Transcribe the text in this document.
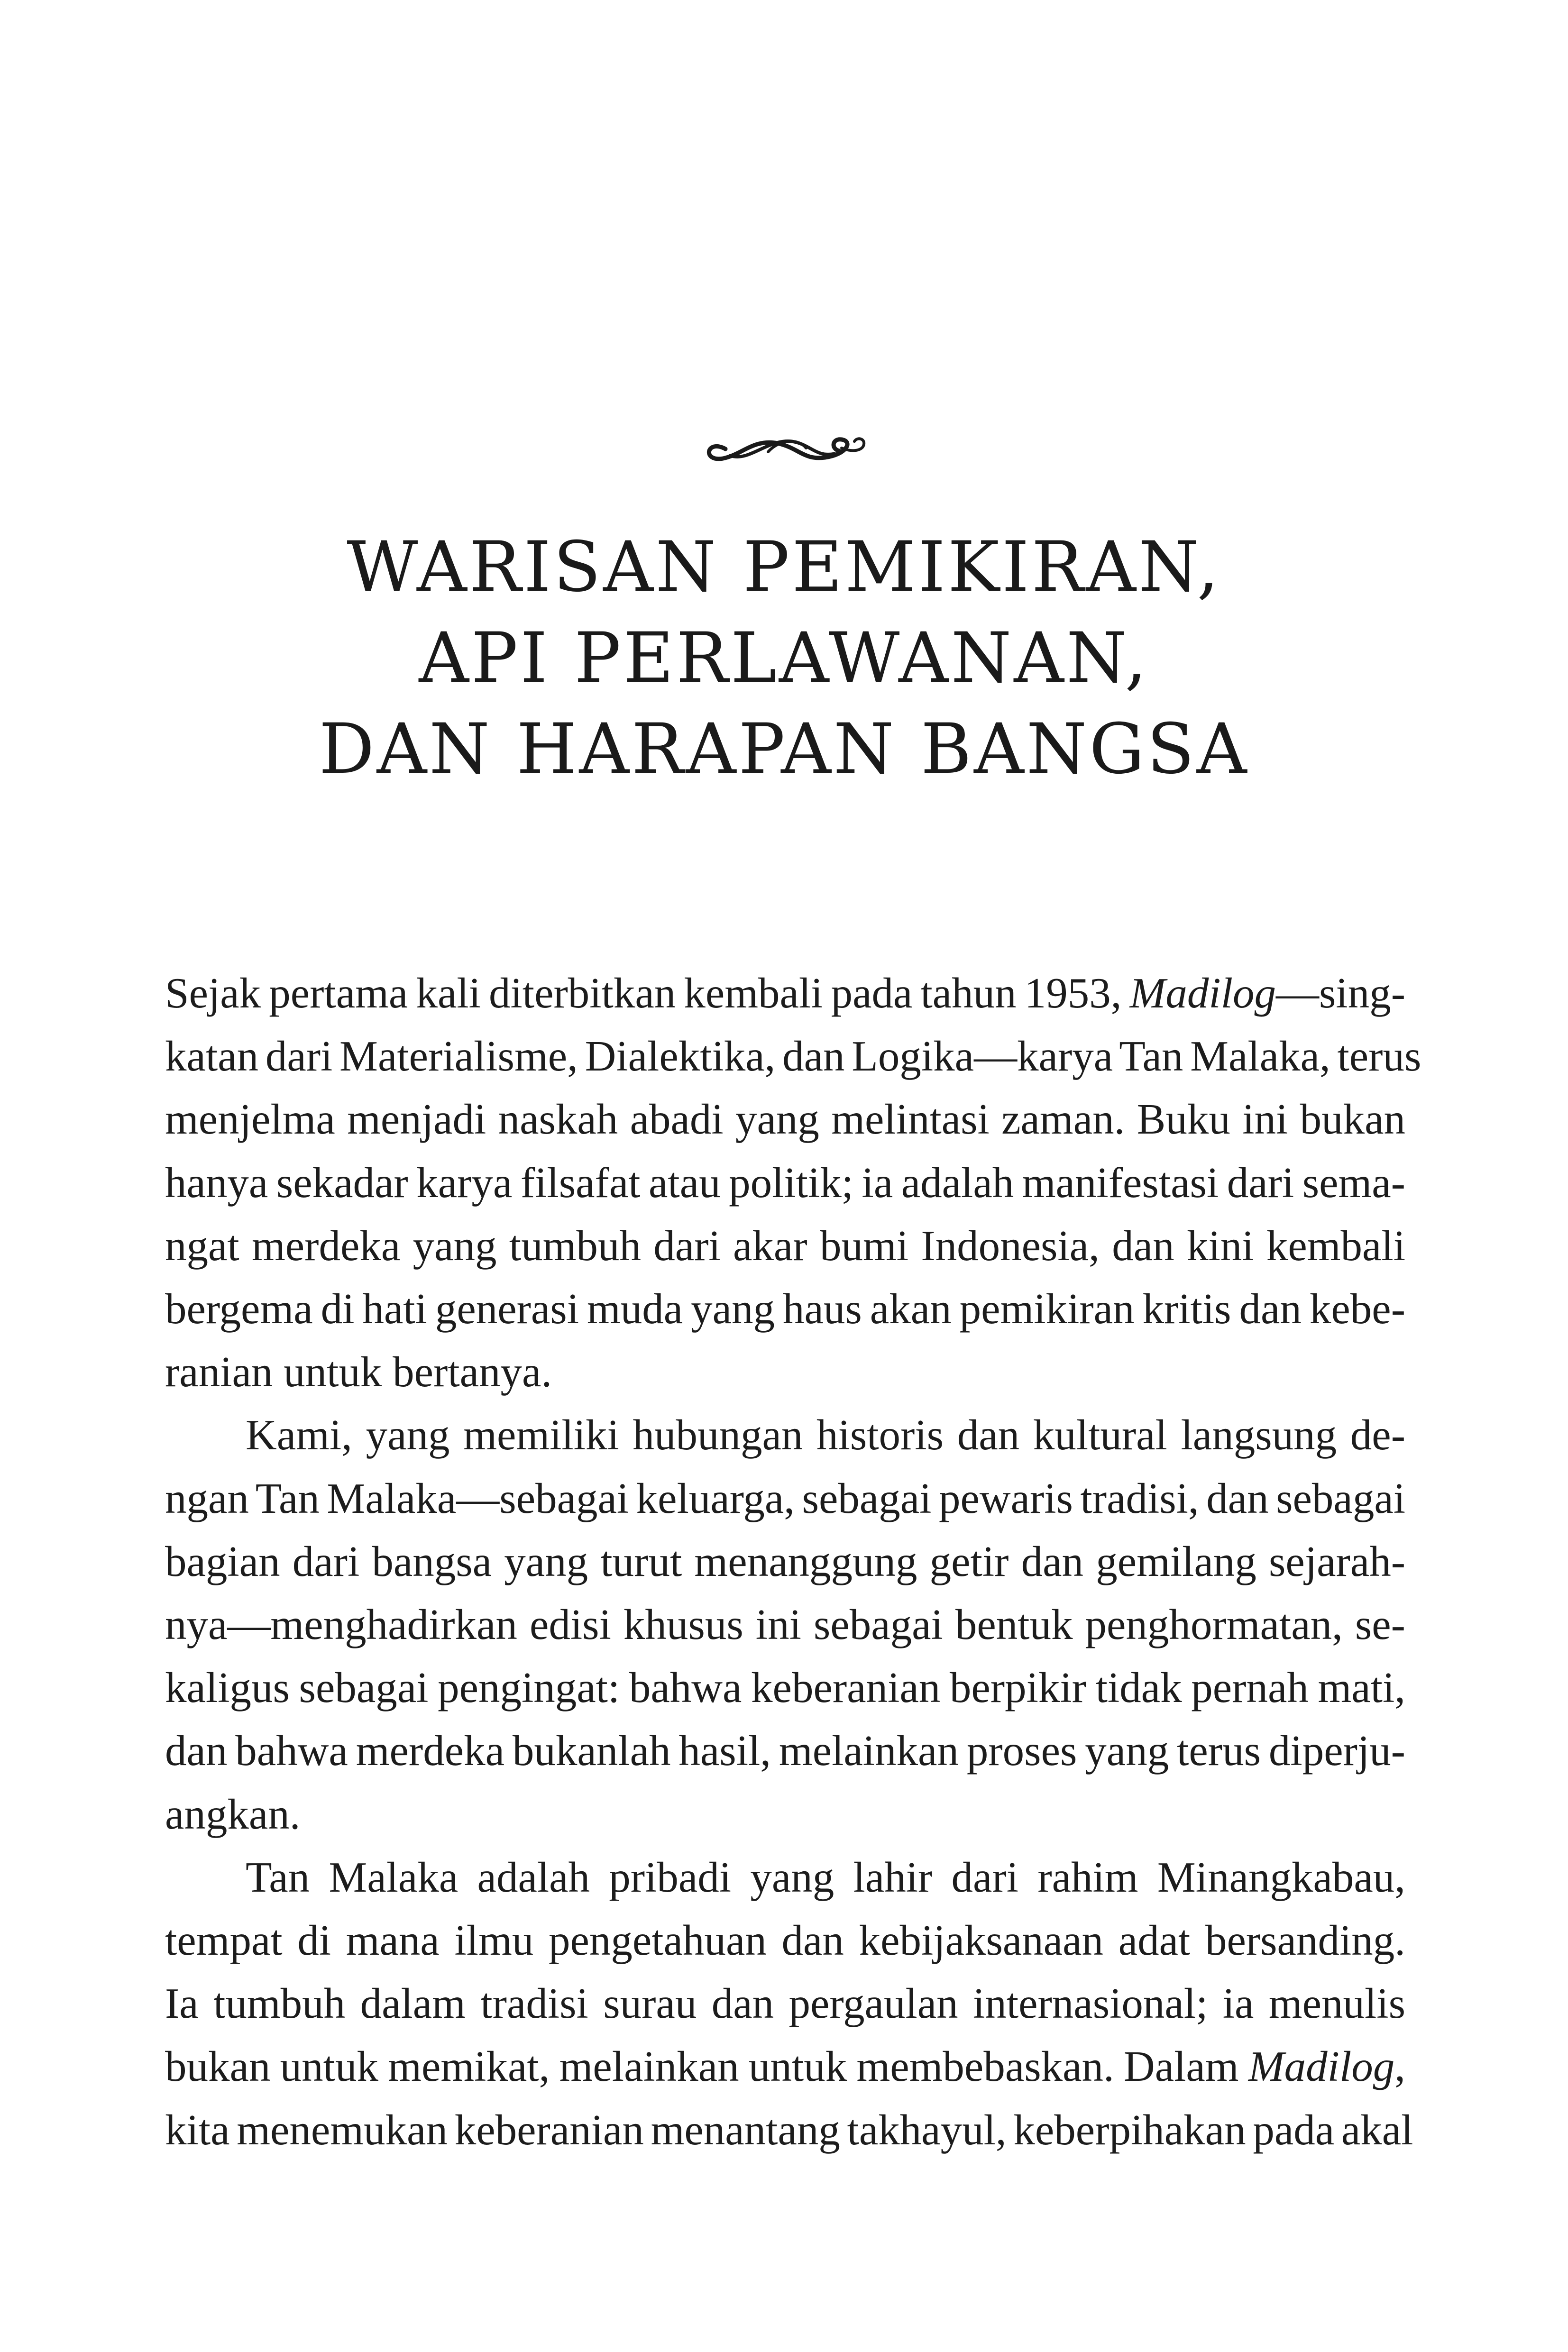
WARISAN PEMIKIRAN,
API PERLAWANAN,
DAN HARAPAN BANGSA

Sejak pertama kali diterbitkan kembali pada tahun 1953, Madilog—sing-
katan dari Materialisme, Dialektika, dan Logika—karya Tan Malaka, terus
menjelma menjadi naskah abadi yang melintasi zaman. Buku ini bukan
hanya sekadar karya filsafat atau politik; ia adalah manifestasi dari sema-
ngat merdeka yang tumbuh dari akar bumi Indonesia, dan kini kembali
bergema di hati generasi muda yang haus akan pemikiran kritis dan kebe-
ranian untuk bertanya.

Kami, yang memiliki hubungan historis dan kultural langsung de-
ngan Tan Malaka—sebagai keluarga, sebagai pewaris tradisi, dan sebagai
bagian dari bangsa yang turut menanggung getir dan gemilang sejarah-
nya—menghadirkan edisi khusus ini sebagai bentuk penghormatan, se-
kaligus sebagai pengingat: bahwa keberanian berpikir tidak pernah mati,
dan bahwa merdeka bukanlah hasil, melainkan proses yang terus diperju-
angkan.

Tan Malaka adalah pribadi yang lahir dari rahim Minangkabau,
tempat di mana ilmu pengetahuan dan kebijaksanaan adat bersanding.
Ia tumbuh dalam tradisi surau dan pergaulan internasional; ia menulis
bukan untuk memikat, melainkan untuk membebaskan. Dalam Madilog,
kita menemukan keberanian menantang takhayul, keberpihakan pada akal
